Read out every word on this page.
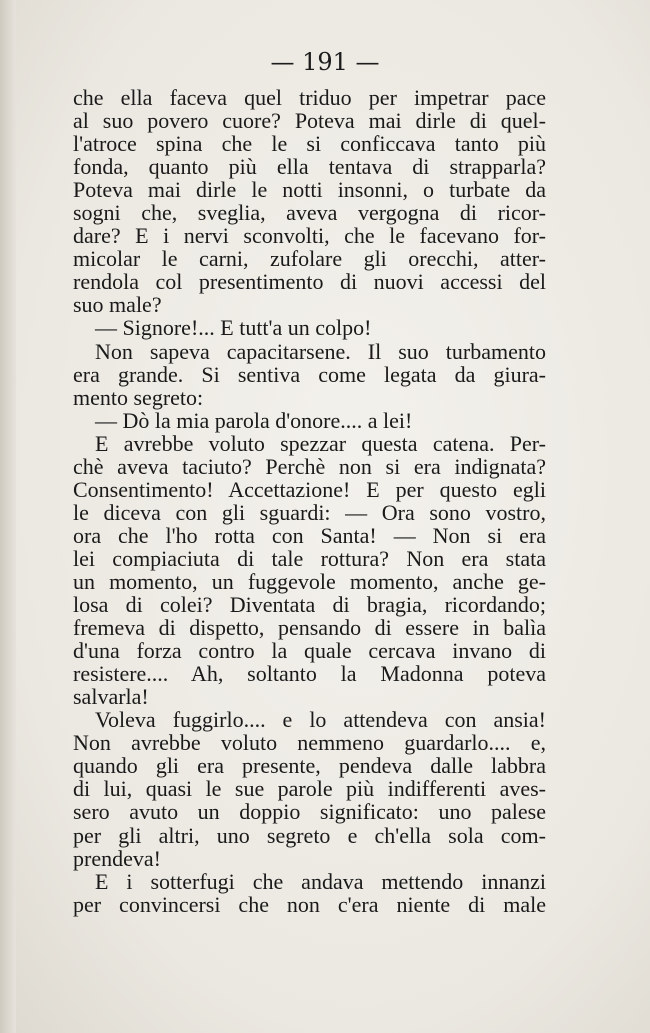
— 191 —
che ella faceva quel triduo per impetrar pace
al suo povero cuore? Poteva mai dirle di quel-
l'atroce spina che le si conficcava tanto più
fonda, quanto più ella tentava di strapparla?
Poteva mai dirle le notti insonni, o turbate da
sogni che, sveglia, aveva vergogna di ricor-
dare? E i nervi sconvolti, che le facevano for-
micolar le carni, zufolare gli orecchi, atter-
rendola col presentimento di nuovi accessi del
suo male?
— Signore!... E tutt'a un colpo!
Non sapeva capacitarsene. Il suo turbamento
era grande. Si sentiva come legata da giura-
mento segreto:
— Dò la mia parola d'onore.... a lei!
E avrebbe voluto spezzar questa catena. Per-
chè aveva taciuto? Perchè non si era indignata?
Consentimento! Accettazione! E per questo egli
le diceva con gli sguardi: — Ora sono vostro,
ora che l'ho rotta con Santa! — Non si era
lei compiaciuta di tale rottura? Non era stata
un momento, un fuggevole momento, anche ge-
losa di colei? Diventata di bragia, ricordando;
fremeva di dispetto, pensando di essere in balìa
d'una forza contro la quale cercava invano di
resistere.... Ah, soltanto la Madonna poteva
salvarla!
Voleva fuggirlo.... e lo attendeva con ansia!
Non avrebbe voluto nemmeno guardarlo.... e,
quando gli era presente, pendeva dalle labbra
di lui, quasi le sue parole più indifferenti aves-
sero avuto un doppio significato: uno palese
per gli altri, uno segreto e ch'ella sola com-
prendeva!
E i sotterfugi che andava mettendo innanzi
per convincersi che non c'era niente di male
